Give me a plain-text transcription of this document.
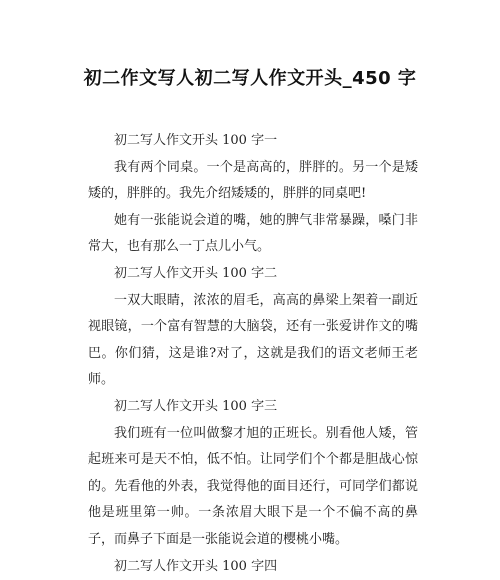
初二作文写人初二写人作文开头_450 字

初二写人作文开头 100 字一

我有两个同桌。一个是高高的，胖胖的。另一个是矮矮的，胖胖的。我先介绍矮矮的，胖胖的同桌吧!

她有一张能说会道的嘴，她的脾气非常暴躁，嗓门非常大，也有那么一丁点儿小气。

初二写人作文开头 100 字二

一双大眼睛，浓浓的眉毛，高高的鼻梁上架着一副近视眼镜，一个富有智慧的大脑袋，还有一张爱讲作文的嘴巴。你们猜，这是谁?对了，这就是我们的语文老师王老师。

初二写人作文开头 100 字三

我们班有一位叫做黎才旭的正班长。别看他人矮，管起班来可是天不怕，低不怕。让同学们个个都是胆战心惊的。先看他的外表，我觉得他的面目还行，可同学们都说他是班里第一帅。一条浓眉大眼下是一个不偏不高的鼻子，而鼻子下面是一张能说会道的樱桃小嘴。

初二写人作文开头 100 字四
